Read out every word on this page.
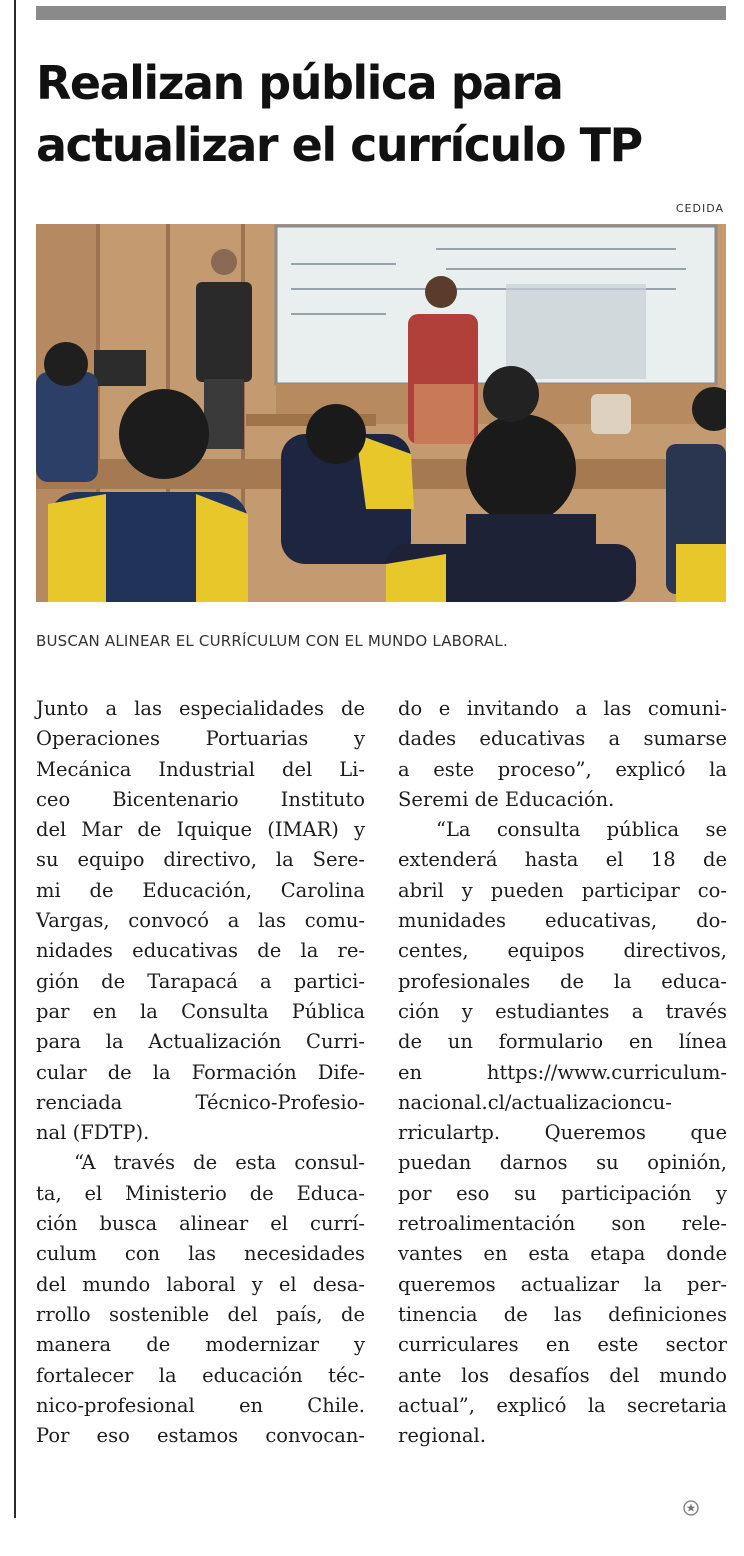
Realizan pública para
actualizar el currículo TP
CEDIDA
BUSCAN ALINEAR EL CURRÍCULUM CON EL MUNDO LABORAL.
Junto a las especialidades de
Operaciones Portuarias y
Mecánica Industrial del Li-
ceo Bicentenario Instituto
del Mar de Iquique (IMAR) y
su equipo directivo, la Sere-
mi de Educación, Carolina
Vargas, convocó a las comu-
nidades educativas de la re-
gión de Tarapacá a partici-
par en la Consulta Pública
para la Actualización Curri-
cular de la Formación Dife-
renciada Técnico-Profesio-
nal (FDTP).
“A través de esta consul-
ta, el Ministerio de Educa-
ción busca alinear el currí-
culum con las necesidades
del mundo laboral y el desa-
rrollo sostenible del país, de
manera de modernizar y
fortalecer la educación téc-
nico-profesional en Chile.
Por eso estamos convocan-
do e invitando a las comuni-
dades educativas a sumarse
a este proceso”, explicó la
Seremi de Educación.
“La consulta pública se
extenderá hasta el 18 de
abril y pueden participar co-
munidades educativas, do-
centes, equipos directivos,
profesionales de la educa-
ción y estudiantes a través
de un formulario en línea
en https://www.curriculum-
nacional.cl/actualizacioncu-
rriculartp. Queremos que
puedan darnos su opinión,
por eso su participación y
retroalimentación son rele-
vantes en esta etapa donde
queremos actualizar la per-
tinencia de las definiciones
curriculares en este sector
ante los desafíos del mundo
actual”, explicó la secretaria
regional.
